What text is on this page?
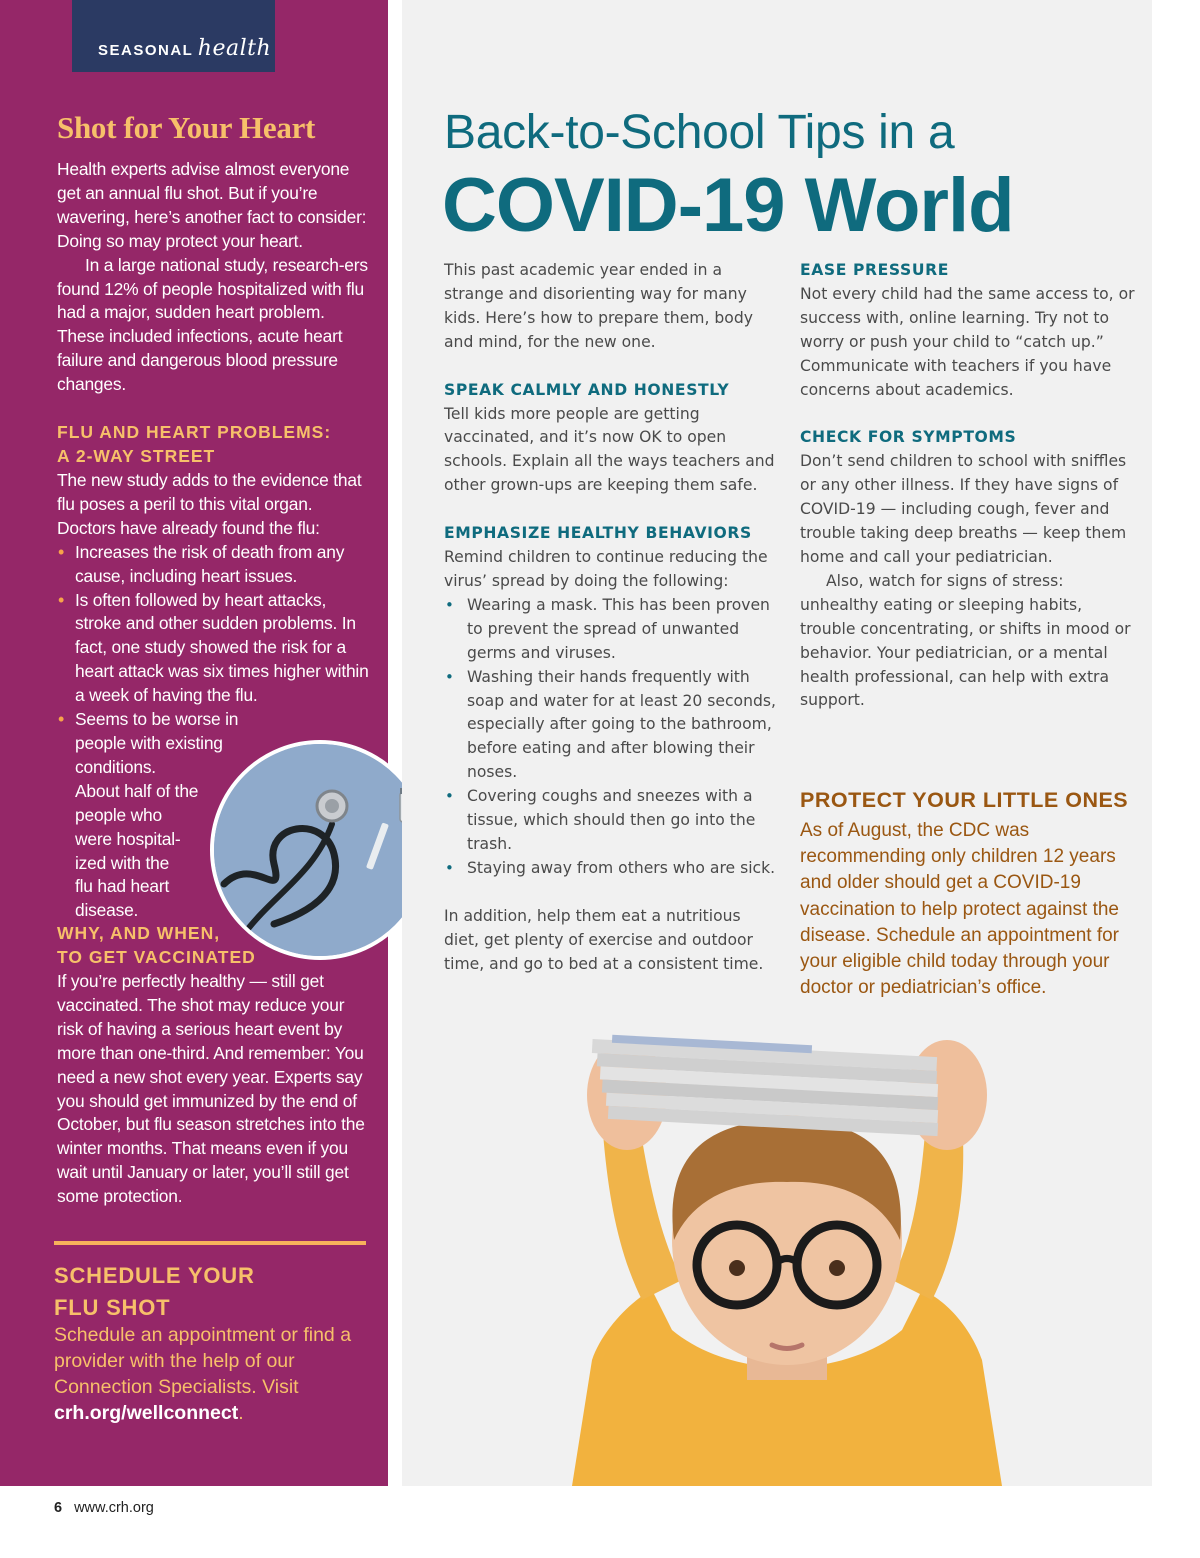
SEASONAL health
Shot for Your Heart

Health experts advise almost everyone get an annual flu shot. But if you’re wavering, here’s another fact to consider: Doing so may protect your heart.

In a large national study, research-ers found 12% of people hospitalized with flu had a major, sudden heart problem. These included infections, acute heart failure and dangerous blood pressure changes.

FLU AND HEART PROBLEMS:
A 2-WAY STREET

The new study adds to the evidence that flu poses a peril to this vital organ. Doctors have already found the flu:

• Increases the risk of death from any cause, including heart issues.
• Is often followed by heart attacks, stroke and other sudden problems. In fact, one study showed the risk for a heart attack was six times higher within a week of having the flu.
• Seems to be worse in people with existing conditions.
About half of the
people who
were hospital-
ized with the
flu had heart
disease.
WHY, AND WHEN,
TO GET VACCINATED

If you’re perfectly healthy — still get vaccinated. The shot may reduce your risk of having a serious heart event by more than one-third. And remember: You need a new shot every year. Experts say you should get immunized by the end of October, but flu season stretches into the winter months. That means even if you wait until January or later, you’ll still get some protection.

SCHEDULE YOUR
FLU SHOT
Schedule an appointment or find a provider with the help of our Connection Specialists. Visit crh.org/wellconnect.
Back-to-School Tips in a
COVID-19 World

This past academic year ended in a strange and disorienting way for many kids. Here’s how to prepare them, body and mind, for the new one.

SPEAK CALMLY AND HONESTLY

Tell kids more people are getting vaccinated, and it’s now OK to open schools. Explain all the ways teachers and other grown-ups are keeping them safe.

EMPHASIZE HEALTHY BEHAVIORS

Remind children to continue reducing the virus’ spread by doing the following:

• Wearing a mask. This has been proven to prevent the spread of unwanted germs and viruses.
• Washing their hands frequently with soap and water for at least 20 seconds, especially after going to the bathroom, before eating and after blowing their noses.
• Covering coughs and sneezes with a tissue, which should then go into the trash.
• Staying away from others who are sick.

In addition, help them eat a nutritious diet, get plenty of exercise and outdoor time, and go to bed at a consistent time.

EASE PRESSURE

Not every child had the same access to, or success with, online learning. Try not to worry or push your child to “catch up.” Communicate with teachers if you have concerns about academics.

CHECK FOR SYMPTOMS

Don’t send children to school with sniffles or any other illness. If they have signs of COVID-19 — including cough, fever and trouble taking deep breaths — keep them home and call your pediatrician.

Also, watch for signs of stress: unhealthy eating or sleeping habits, trouble concentrating, or shifts in mood or behavior. Your pediatrician, or a mental health professional, can help with extra support.

PROTECT YOUR LITTLE ONES
As of August, the CDC was recommending only children 12 years and older should get a COVID-19 vaccination to help protect against the disease. Schedule an appointment for your eligible child today through your doctor or pediatrician’s office.
6 www.crh.org
